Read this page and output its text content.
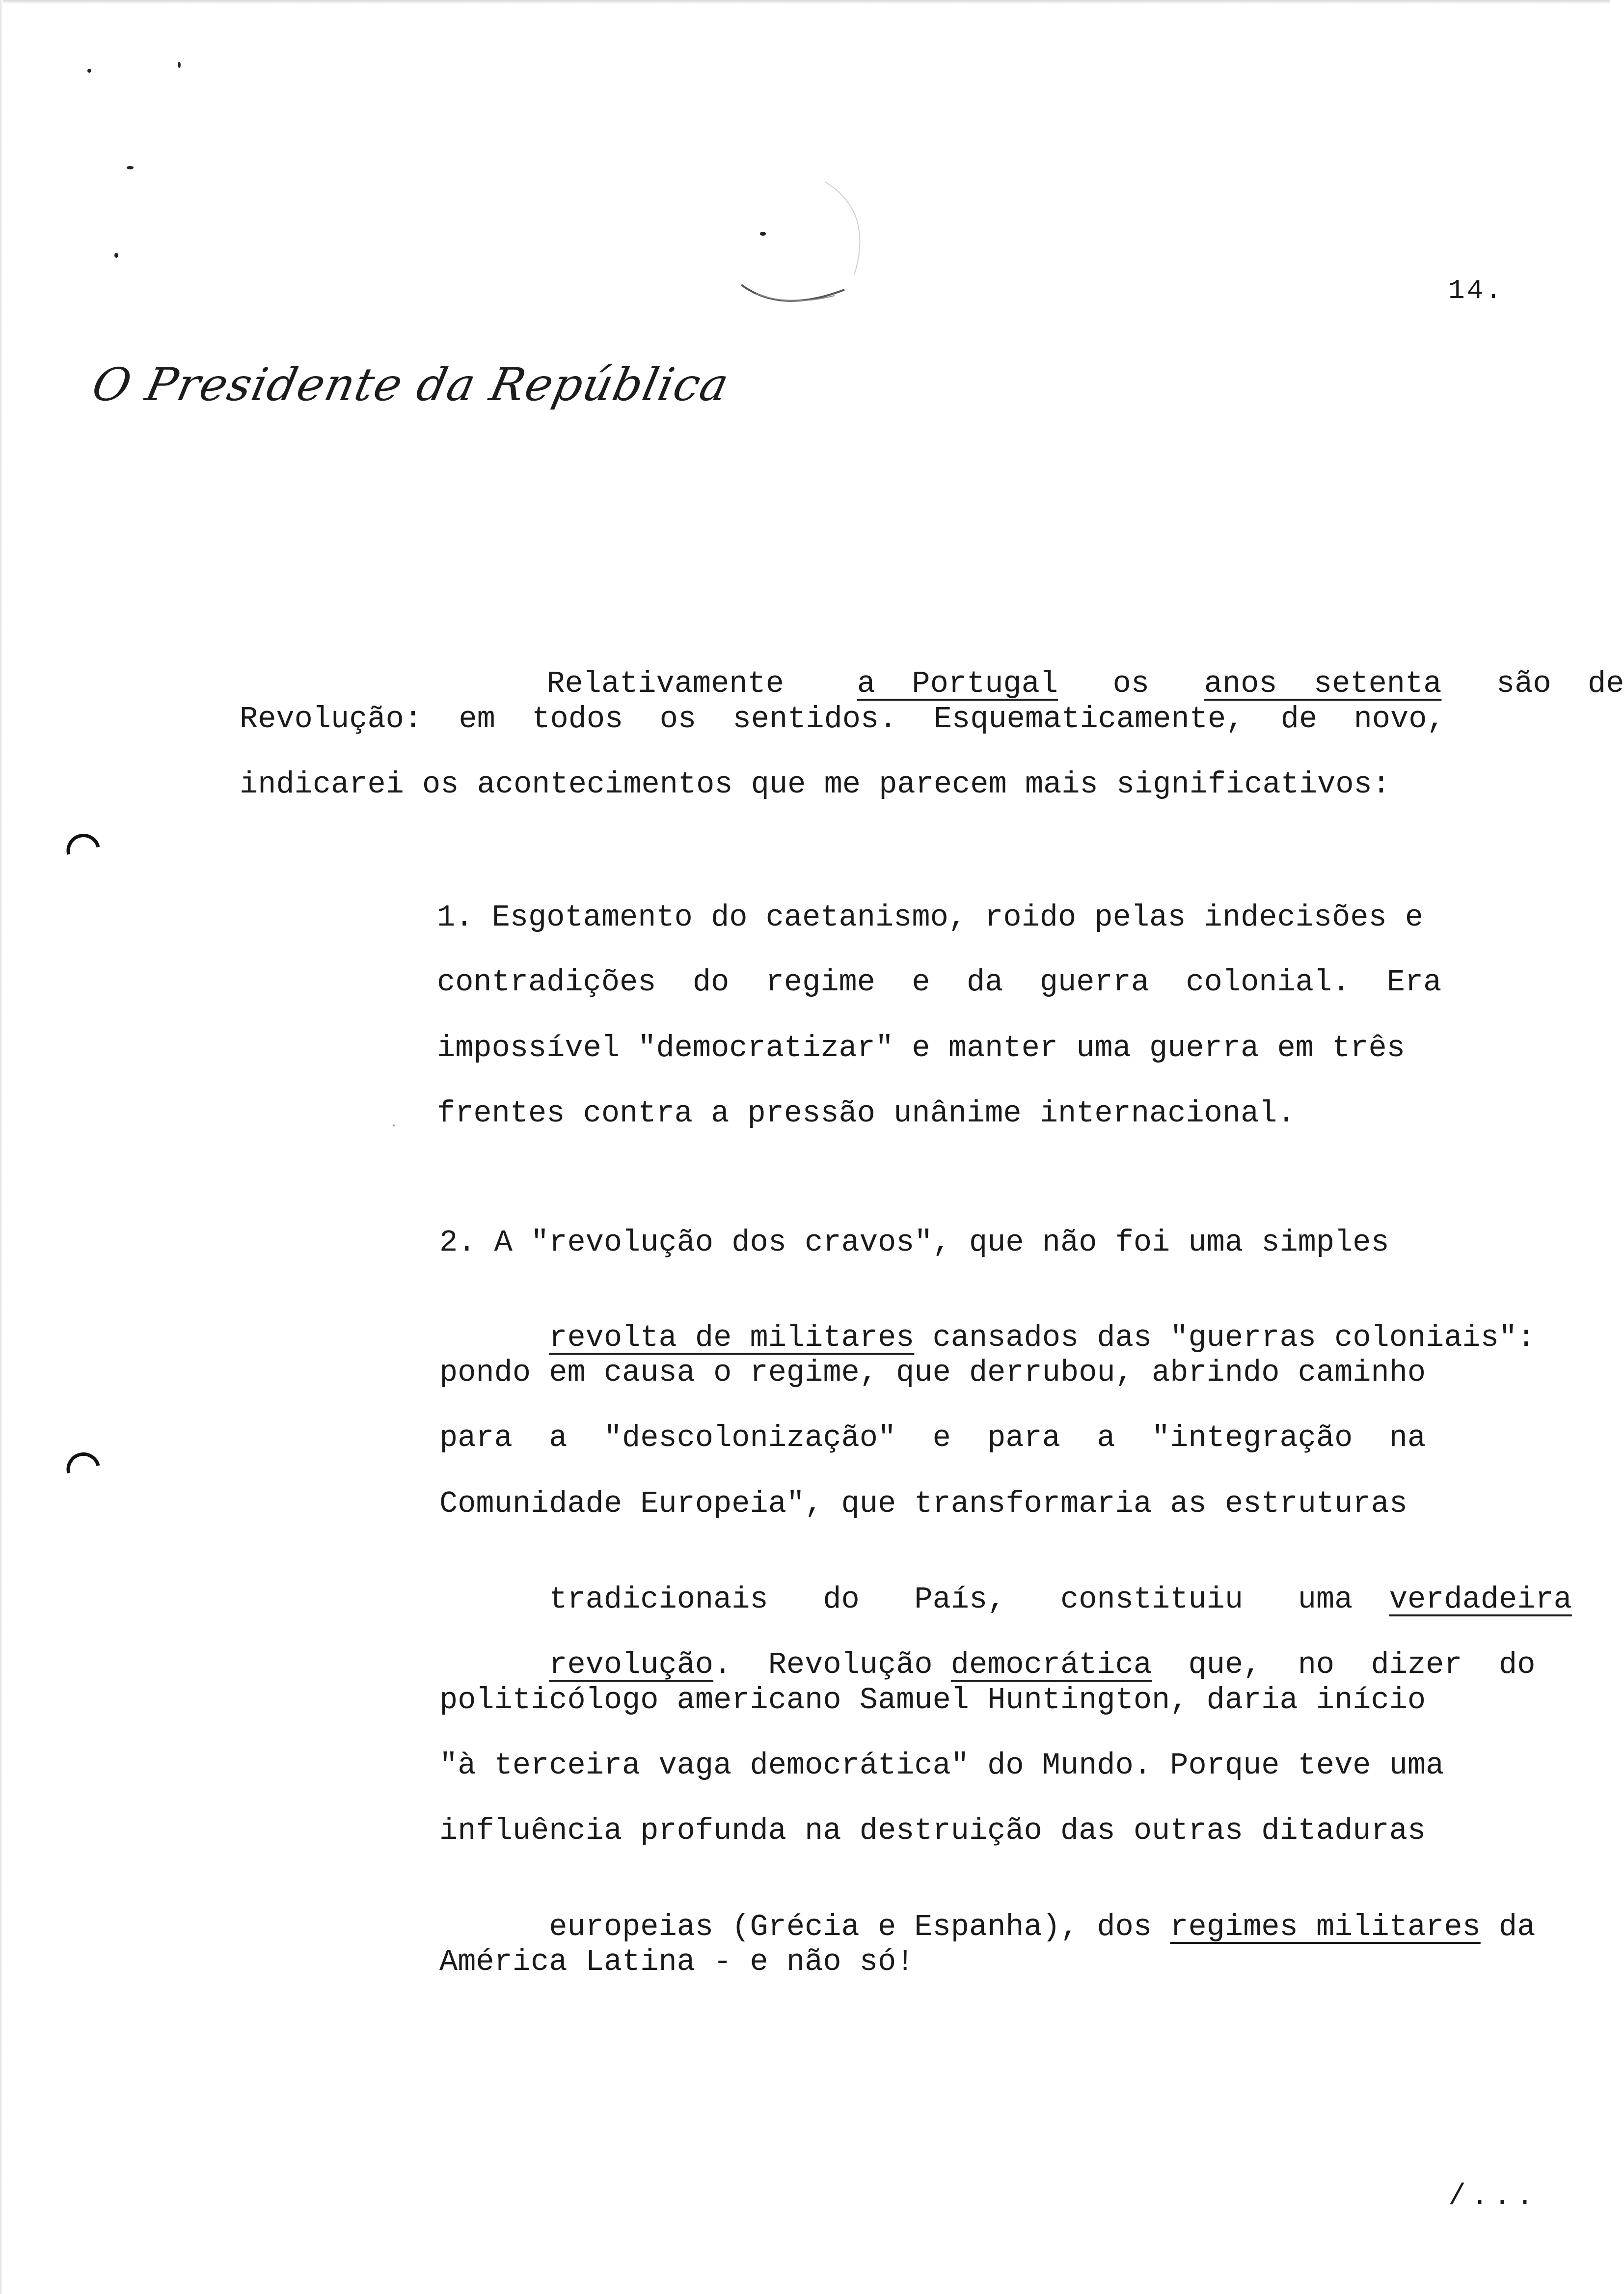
14.
O Presidente da República

Relativamente a  Portugal os anos  setenta são  de

Revolução:  em  todos  os  sentidos.  Esquematicamente,  de  novo,
indicarei os acontecimentos que me parecem mais significativos:
1. Esgotamento do caetanismo, roido pelas indecisões e
contradições  do  regime  e  da  guerra  colonial.  Era
impossível "democratizar" e manter uma guerra em três
frentes contra a pressão unânime internacional.
2. A "revolução dos cravos", que não foi uma simples

revolta de militares cansados das "guerras coloniais":

pondo em causa o regime, que derrubou, abrindo caminho
para  a  "descolonização"  e  para  a  "integração  na
Comunidade Europeia", que transformaria as estruturas

tradicionais   do   País,   constituiu   uma verdadeira

revolução.  Revolução democrática  que,  no  dizer  do

politicólogo americano Samuel Huntington, daria início
"à terceira vaga democrática" do Mundo. Porque teve uma
influência profunda na destruição das outras ditaduras

europeias (Grécia e Espanha), dos regimes militares da

América Latina - e não só!
/...
